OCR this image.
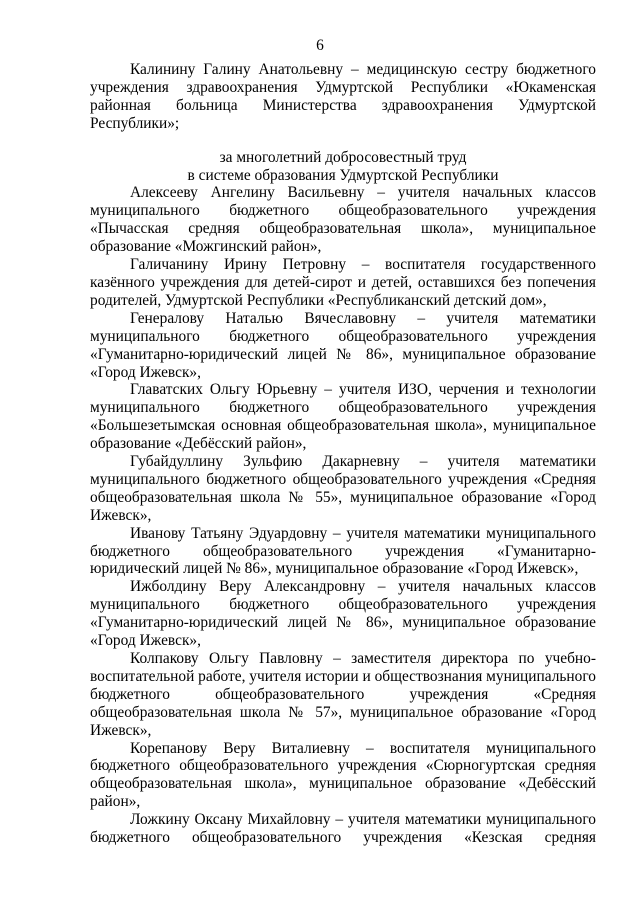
6

Калинину Галину Анатольевну – медицинскую сестру бюджетного учреждения здравоохранения Удмуртской Республики «Юкаменская районная больница Министерства здравоохранения Удмуртской Республики»;

за многолетний добросовестный труд
в системе образования Удмуртской Республики

Алексееву Ангелину Васильевну – учителя начальных классов муниципального бюджетного общеобразовательного учреждения «Пычасская средняя общеобразовательная школа», муниципальное образование «Можгинский район»,

Галичанину Ирину Петровну – воспитателя государственного казённого учреждения для детей-сирот и детей, оставшихся без попечения родителей, Удмуртской Республики «Республиканский детский дом»,

Генералову Наталью Вячеславовну – учителя математики муниципального бюджетного общеобразовательного учреждения «Гуманитарно-юридический лицей № 86», муниципальное образование «Город Ижевск»,

Главатских Ольгу Юрьевну – учителя ИЗО, черчения и технологии муниципального бюджетного общеобразовательного учреждения «Большезетымская основная общеобразовательная школа», муниципальное образование «Дебёсский район»,

Губайдуллину Зульфию Дакарневну – учителя математики муниципального бюджетного общеобразовательного учреждения «Средняя общеобразовательная школа № 55», муниципальное образование «Город Ижевск»,

Иванову Татьяну Эдуардовну – учителя математики муниципального бюджетного общеобразовательного учреждения «Гуманитарно-юридический лицей № 86», муниципальное образование «Город Ижевск»,

Ижболдину Веру Александровну – учителя начальных классов муниципального бюджетного общеобразовательного учреждения «Гуманитарно-юридический лицей № 86», муниципальное образование «Город Ижевск»,

Колпакову Ольгу Павловну – заместителя директора по учебно-воспитательной работе, учителя истории и обществознания муниципального бюджетного общеобразовательного учреждения «Средняя общеобразовательная школа № 57», муниципальное образование «Город Ижевск»,

Корепанову Веру Виталиевну – воспитателя муниципального бюджетного общеобразовательного учреждения «Сюрногуртская средняя общеобразовательная школа», муниципальное образование «Дебёсский район»,

Ложкину Оксану Михайловну – учителя математики муниципального бюджетного общеобразовательного учреждения «Кезская средняя
